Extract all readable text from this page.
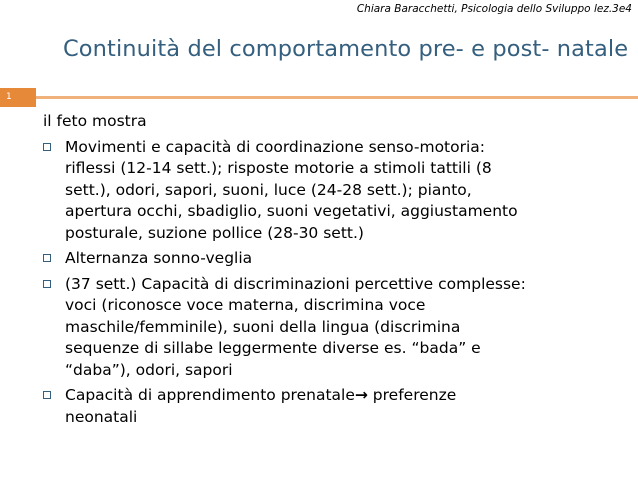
Chiara Baracchetti, Psicologia dello Sviluppo lez.3e4
Continuità del comportamento pre- e post- natale
1

il feto mostra

Movimenti e capacità di coordinazione senso-motoria:
riflessi (12-14 sett.); risposte motorie a stimoli tattili (8
sett.), odori, sapori, suoni, luce (24-28 sett.); pianto,
apertura occhi, sbadiglio, suoni vegetativi, aggiustamento
posturale, suzione pollice (28-30 sett.)
Alternanza sonno-veglia
(37 sett.) Capacità di discriminazioni percettive complesse:
voci (riconosce voce materna, discrimina voce
maschile/femminile), suoni della lingua (discrimina
sequenze di sillabe leggermente diverse es. “bada” e
“daba”), odori, sapori
Capacità di apprendimento prenatale→ preferenze
neonatali
